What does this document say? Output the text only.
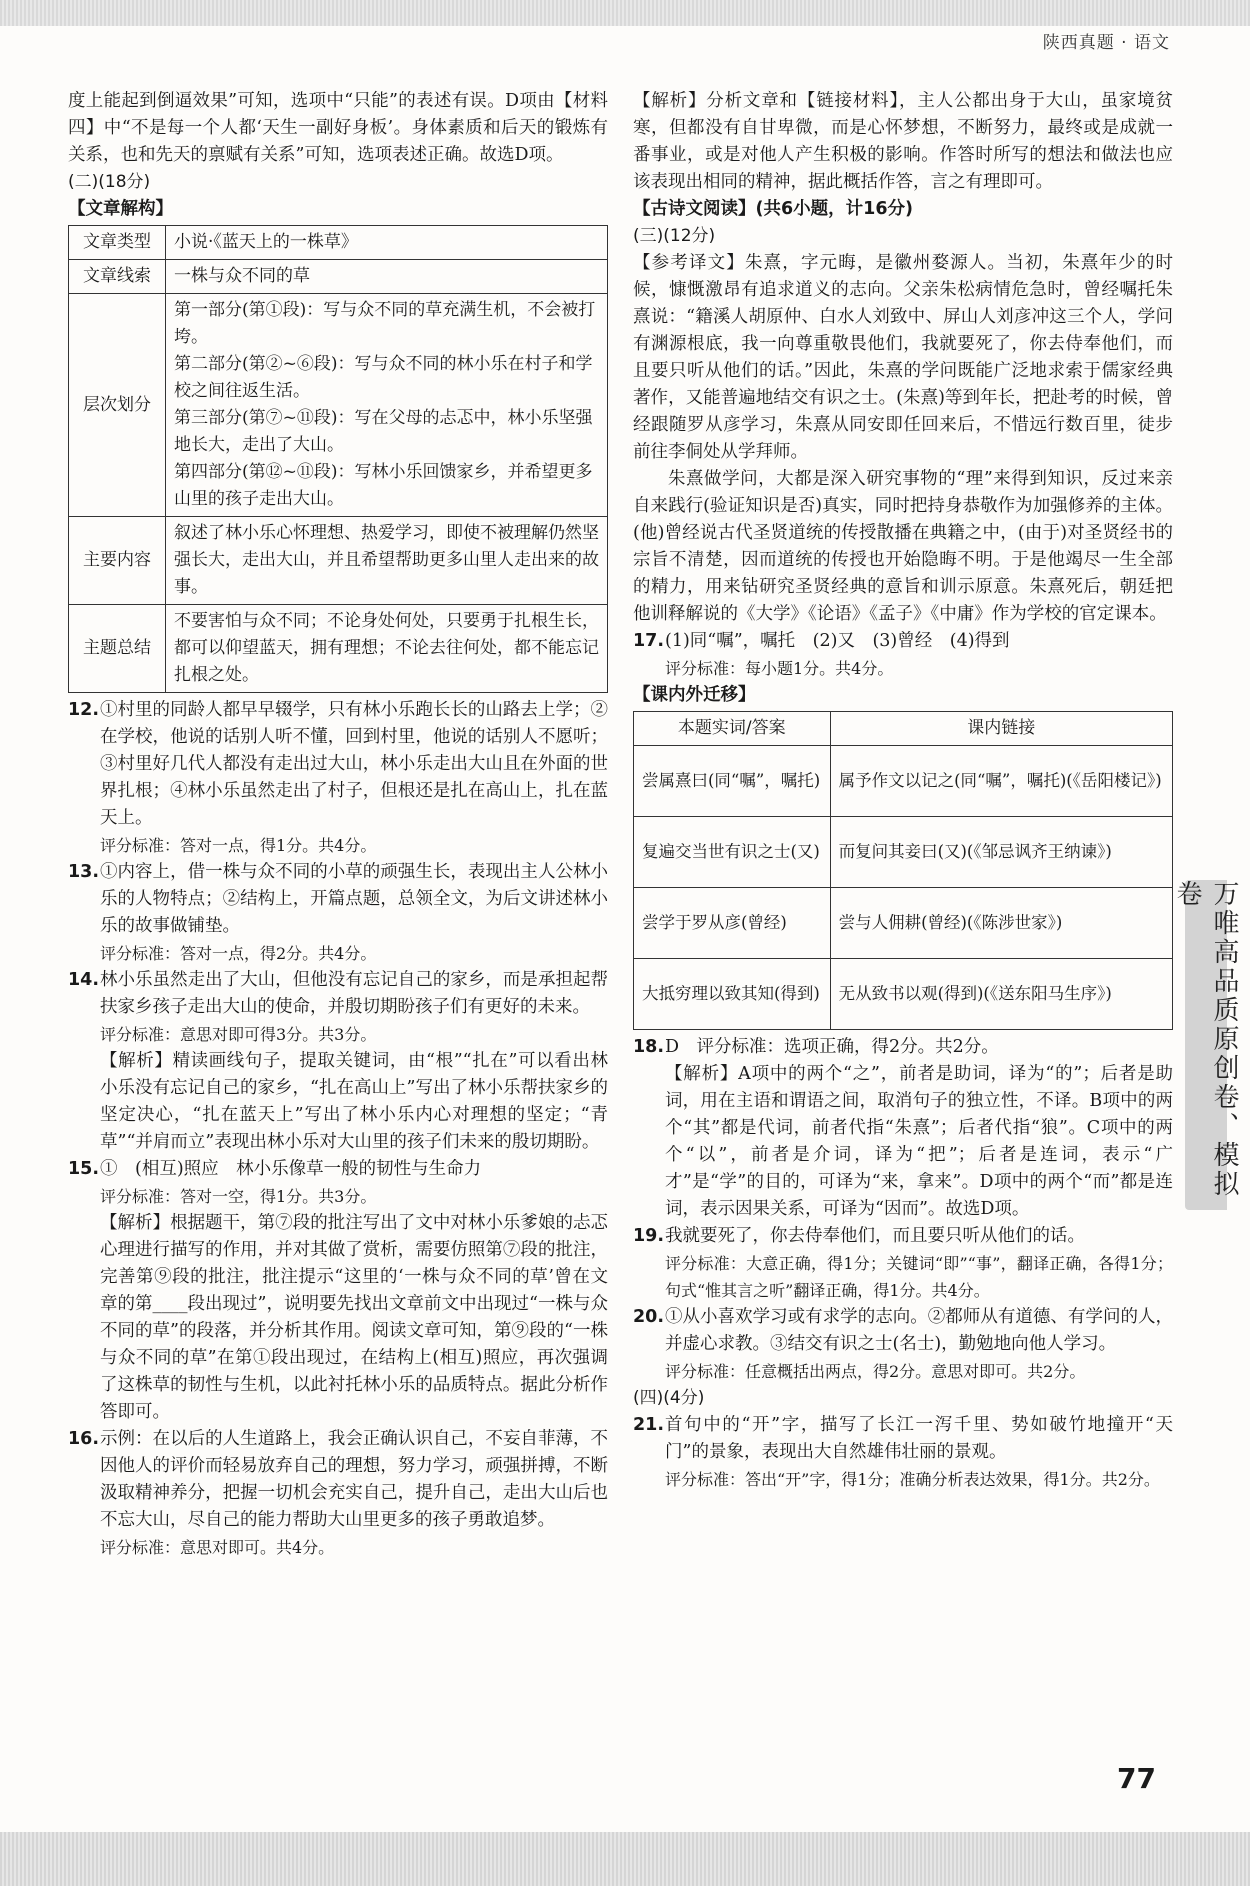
陕西真题 · 语文

度上能起到倒逼效果”可知，选项中“只能”的表述有误。D项由【材料四】中“不是每一个人都‘天生一副好身板’。身体素质和后天的锻炼有关系，也和先天的禀赋有关系”可知，选项表述正确。故选D项。

(二)(18分)

【文章解构】

文章类型	小说·《蓝天上的一株草》
文章线索	一株与众不同的草
层次划分	第一部分(第①段)：写与众不同的草充满生机，不会被打垮。
第二部分(第②~⑥段)：写与众不同的林小乐在村子和学校之间往返生活。
第三部分(第⑦~⑪段)：写在父母的忐忑中，林小乐坚强地长大，走出了大山。
第四部分(第⑫~⑪段)：写林小乐回馈家乡，并希望更多山里的孩子走出大山。

主要内容	叙述了林小乐心怀理想、热爱学习，即使不被理解仍然坚强长大，走出大山，并且希望帮助更多山里人走出来的故事。
主题总结	不要害怕与众不同；不论身处何处，只要勇于扎根生长，都可以仰望蓝天，拥有理想；不论去往何处，都不能忘记扎根之处。
12. ①村里的同龄人都早早辍学，只有林小乐跑长长的山路去上学；②在学校，他说的话别人听不懂，回到村里，他说的话别人不愿听；③村里好几代人都没有走出过大山，林小乐走出大山且在外面的世界扎根；④林小乐虽然走出了村子，但根还是扎在高山上，扎在蓝天上。

评分标准：答对一点，得1分。共4分。

13. ①内容上，借一株与众不同的小草的顽强生长，表现出主人公林小乐的人物特点；②结构上，开篇点题，总领全文，为后文讲述林小乐的故事做铺垫。

评分标准：答对一点，得2分。共4分。

14. 林小乐虽然走出了大山，但他没有忘记自己的家乡，而是承担起帮扶家乡孩子走出大山的使命，并殷切期盼孩子们有更好的未来。

评分标准：意思对即可得3分。共3分。

【解析】精读画线句子，提取关键词，由“根”“扎在”可以看出林小乐没有忘记自己的家乡，“扎在高山上”写出了林小乐帮扶家乡的坚定决心，“扎在蓝天上”写出了林小乐内心对理想的坚定；“青草”“并肩而立”表现出林小乐对大山里的孩子们未来的殷切期盼。

15. ①　(相互)照应　林小乐像草一般的韧性与生命力

评分标准：答对一空，得1分。共3分。

【解析】根据题干，第⑦段的批注写出了文中对林小乐爹娘的忐忑心理进行描写的作用，并对其做了赏析，需要仿照第⑦段的批注，完善第⑨段的批注，批注提示“这里的‘一株与众不同的草’曾在文章的第____段出现过”，说明要先找出文章前文中出现过“一株与众不同的草”的段落，并分析其作用。阅读文章可知，第⑨段的“一株与众不同的草”在第①段出现过，在结构上(相互)照应，再次强调了这株草的韧性与生机，以此衬托林小乐的品质特点。据此分析作答即可。

16. 示例：在以后的人生道路上，我会正确认识自己，不妄自菲薄，不因他人的评价而轻易放弃自己的理想，努力学习，顽强拼搏，不断汲取精神养分，把握一切机会充实自己，提升自己，走出大山后也不忘大山，尽自己的能力帮助大山里更多的孩子勇敢追梦。

评分标准：意思对即可。共4分。

【解析】分析文章和【链接材料】，主人公都出身于大山，虽家境贫寒，但都没有自甘卑微，而是心怀梦想，不断努力，最终或是成就一番事业，或是对他人产生积极的影响。作答时所写的想法和做法也应该表现出相同的精神，据此概括作答，言之有理即可。

【古诗文阅读】(共6小题，计16分)

(三)(12分)

【参考译文】朱熹，字元晦，是徽州婺源人。当初，朱熹年少的时候，慷慨激昂有追求道义的志向。父亲朱松病情危急时，曾经嘱托朱熹说：“籍溪人胡原仲、白水人刘致中、屏山人刘彦冲这三个人，学问有渊源根底，我一向尊重敬畏他们，我就要死了，你去侍奉他们，而且要只听从他们的话。”因此，朱熹的学问既能广泛地求索于儒家经典著作，又能普遍地结交有识之士。(朱熹)等到年长，把赴考的时候，曾经跟随罗从彦学习，朱熹从同安即任回来后，不惜远行数百里，徒步前往李侗处从学拜师。

朱熹做学问，大都是深入研究事物的“理”来得到知识，反过来亲自来践行(验证知识是否)真实，同时把持身恭敬作为加强修养的主体。(他)曾经说古代圣贤道统的传授散播在典籍之中，(由于)对圣贤经书的宗旨不清楚，因而道统的传授也开始隐晦不明。于是他竭尽一生全部的精力，用来钻研究圣贤经典的意旨和训示原意。朱熹死后，朝廷把他训释解说的《大学》《论语》《孟子》《中庸》作为学校的官定课本。

17. (1)同“嘱”，嘱托　(2)又　(3)曾经　(4)得到

评分标准：每小题1分。共4分。

【课内外迁移】

本题实词/答案	课内链接
尝属熹曰(同“嘱”，嘱托)	属予作文以记之(同“嘱”，嘱托)(《岳阳楼记》)
复遍交当世有识之士(又)	而复问其妾曰(又)(《邹忌讽齐王纳谏》)
尝学于罗从彦(曾经)	尝与人佣耕(曾经)(《陈涉世家》)
大抵穷理以致其知(得到)	无从致书以观(得到)(《送东阳马生序》)
18. D　评分标准：选项正确，得2分。共2分。

【解析】A项中的两个“之”，前者是助词，译为“的”；后者是助词，用在主语和谓语之间，取消句子的独立性，不译。B项中的两个“其”都是代词，前者代指“朱熹”；后者代指“狼”。C项中的两个“以”，前者是介词，译为“把”；后者是连词，表示“广才”是“学”的目的，可译为“来，拿来”。D项中的两个“而”都是连词，表示因果关系，可译为“因而”。故选D项。

19. 我就要死了，你去侍奉他们，而且要只听从他们的话。

评分标准：大意正确，得1分；关键词“即”“事”，翻译正确，各得1分；句式“惟其言之听”翻译正确，得1分。共4分。

20. ①从小喜欢学习或有求学的志向。②都师从有道德、有学问的人，并虚心求教。③结交有识之士(名士)，勤勉地向他人学习。

评分标准：任意概括出两点，得2分。意思对即可。共2分。

(四)(4分)

21. 首句中的“开”字，描写了长江一泻千里、势如破竹地撞开“天门”的景象，表现出大自然雄伟壮丽的景观。

评分标准：答出“开”字，得1分；准确分析表达效果，得1分。共2分。

万唯高品质原创卷、模拟卷
77
